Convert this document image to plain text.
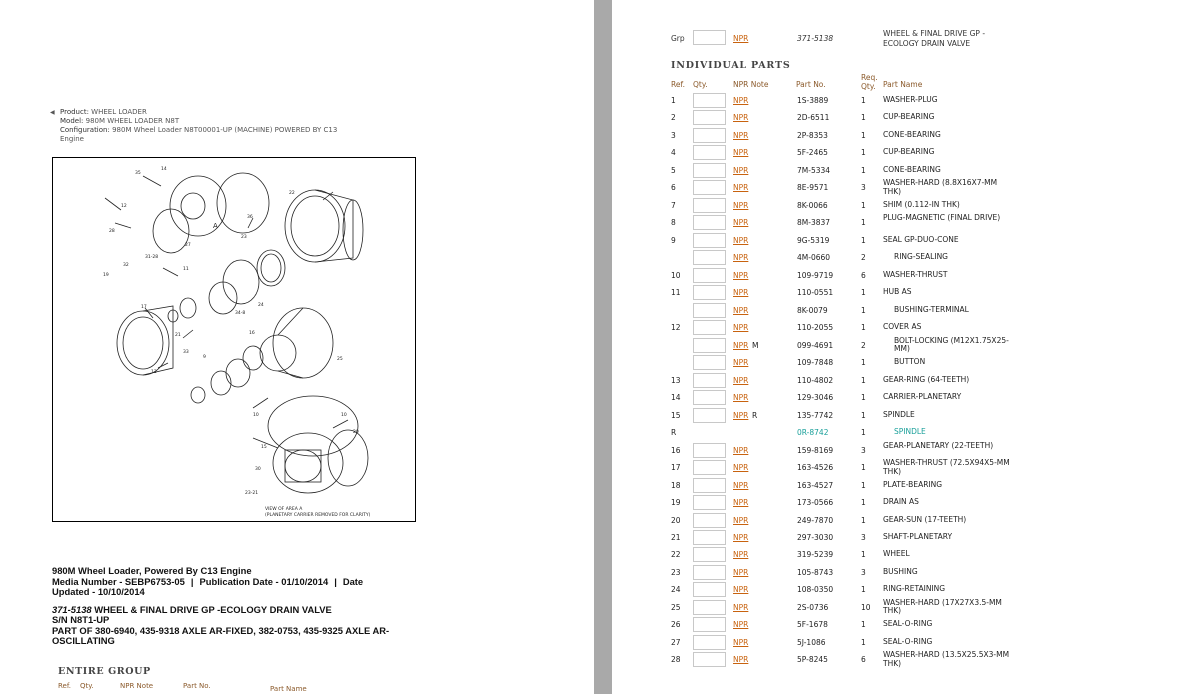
◀ Product: WHEEL LOADER
Model: 980M WHEEL LOADER N8T
Configuration: 980M Wheel Loader N8T00001-UP (MACHINE) POWERED BY C13 Engine
35
14
22
12
36
27
28
31-28
32
19
23
11
17
21
33
24
34-8
16
9
13
25
10	10
20
15
30
23-21
A
VIEW OF AREA A
(PLANETARY CARRIER REMOVED FOR CLARITY)
980M Wheel Loader, Powered By C13 Engine
Media Number - SEBP6753-05 | Publication Date - 01/10/2014 | Date
Updated - 10/10/2014
371-5138 WHEEL & FINAL DRIVE GP -ECOLOGY DRAIN VALVE
S/N N8T1-UP
PART OF 380-6940, 435-9318 AXLE AR-FIXED, 382-0753, 435-9325 AXLE AR-OSCILLATING
ENTIRE GROUP
Ref. Qty.	NPR Note	Part No.	Part Name
Grp	NPR	371-5138
WHEEL & FINAL DRIVE GP - ECOLOGY DRAIN VALVE
INDIVIDUAL PARTS
Ref. Qty.	NPR Note	Part No.
Req. Qty. Part Name
1	NPR	1S-3889	1 WASHER-PLUG
2	NPR	2D-6511	1 CUP-BEARING
3	NPR	2P-8353	1 CONE-BEARING
4	NPR	5F-2465	1 CUP-BEARING
5	NPR	7M-5334	1 CONE-BEARING
6	NPR	8E-9571	3
WASHER-HARD (8.8X16X7-MM THK)
7	NPR	8K-0066	1 SHIM (0.112-IN THK)
8	NPR	8M-3837	1
PLUG-MAGNETIC (FINAL DRIVE)
9	NPR	9G-5319	1 SEAL GP-DUO-CONE
NPR	4M-0660	2	RING-SEALING
10	NPR	109-9719	6 WASHER-THRUST
11	NPR	110-0551	1 HUB AS
NPR	8K-0079	1	BUSHING-TERMINAL
12	NPR	110-2055	1 COVER AS
NPR M	099-4691	2
BOLT-LOCKING (M12X1.75X25-MM)
NPR	109-7848	1	BUTTON
13	NPR	110-4802	1 GEAR-RING (64-TEETH)
14	NPR	129-3046	1 CARRIER-PLANETARY
15	NPR R	135-7742	1 SPINDLE
R	0R-8742	1	SPINDLE
16	NPR	159-8169	3
GEAR-PLANETARY (22-TEETH)
17	NPR	163-4526	1
WASHER-THRUST (72.5X94X5-MM THK)
18	NPR	163-4527	1 PLATE-BEARING
19	NPR	173-0566	1 DRAIN AS
20	NPR	249-7870	1 GEAR-SUN (17-TEETH)
21	NPR	297-3030	3 SHAFT-PLANETARY
22	NPR	319-5239	1 WHEEL
23	NPR	105-8743	3 BUSHING
24	NPR	108-0350	1 RING-RETAINING
25	NPR	2S-0736	10
WASHER-HARD (17X27X3.5-MM THK)
26	NPR	5F-1678	1 SEAL-O-RING
27	NPR	5J-1086	1 SEAL-O-RING
28	NPR	5P-8245	6
WASHER-HARD (13.5X25.5X3-MM THK)
